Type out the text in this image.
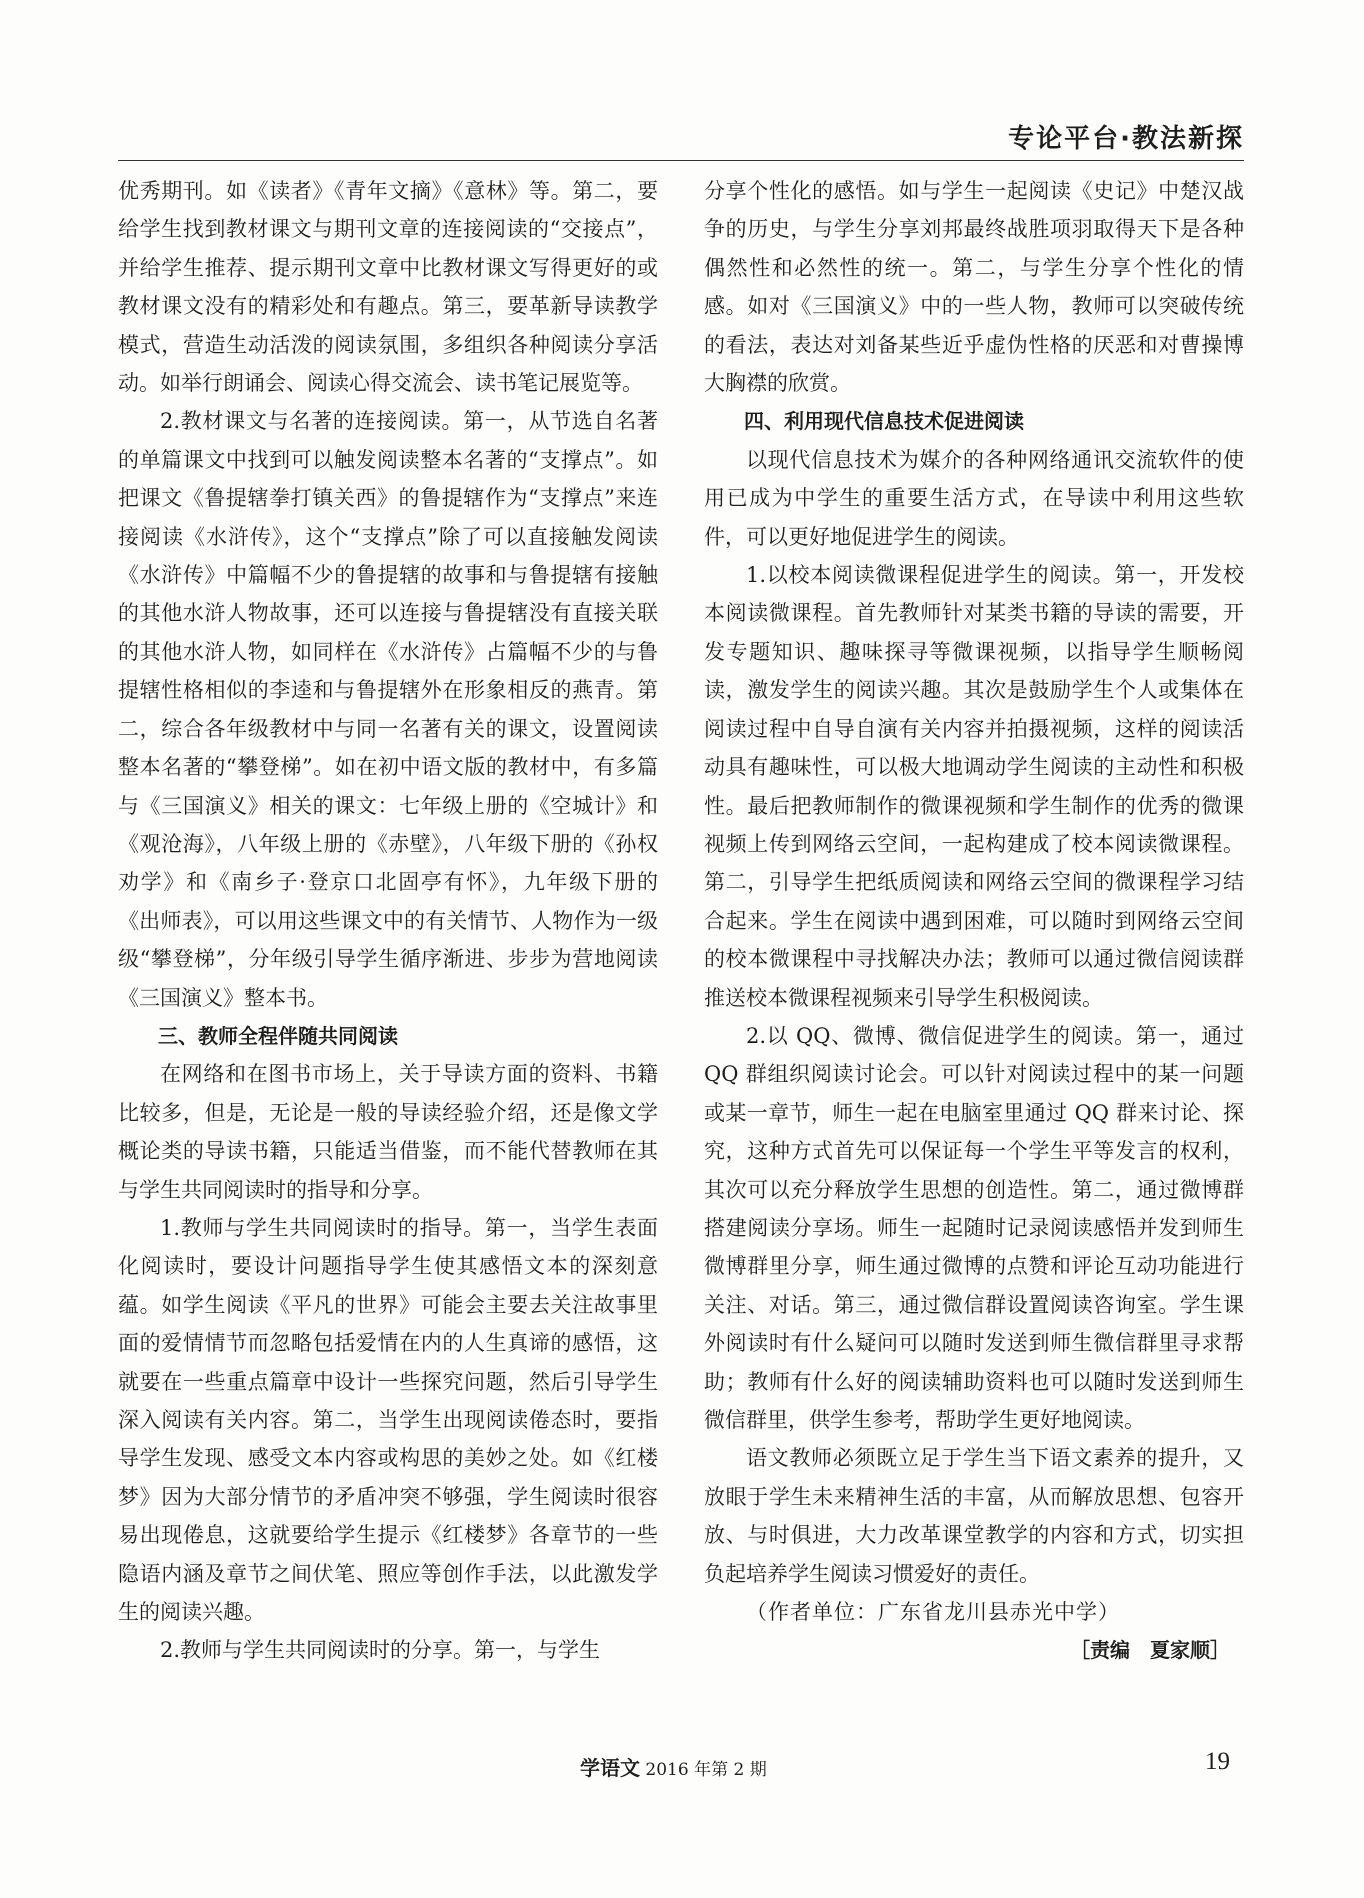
专论平台·教法新探

优秀期刊。如《读者》《青年文摘》《意林》等。第二，要给学生找到教材课文与期刊文章的连接阅读的“交接点”，并给学生推荐、提示期刊文章中比教材课文写得更好的或教材课文没有的精彩处和有趣点。第三，要革新导读教学模式，营造生动活泼的阅读氛围，多组织各种阅读分享活动。如举行朗诵会、阅读心得交流会、读书笔记展览等。

2.教材课文与名著的连接阅读。第一，从节选自名著的单篇课文中找到可以触发阅读整本名著的“支撑点”。如把课文《鲁提辖拳打镇关西》的鲁提辖作为“支撑点”来连接阅读《水浒传》，这个“支撑点”除了可以直接触发阅读《水浒传》中篇幅不少的鲁提辖的故事和与鲁提辖有接触的其他水浒人物故事，还可以连接与鲁提辖没有直接关联的其他水浒人物，如同样在《水浒传》占篇幅不少的与鲁提辖性格相似的李逵和与鲁提辖外在形象相反的燕青。第二，综合各年级教材中与同一名著有关的课文，设置阅读整本名著的“攀登梯”。如在初中语文版的教材中，有多篇与《三国演义》相关的课文：七年级上册的《空城计》和《观沧海》，八年级上册的《赤壁》，八年级下册的《孙权劝学》和《南乡子·登京口北固亭有怀》，九年级下册的《出师表》，可以用这些课文中的有关情节、人物作为一级级“攀登梯”，分年级引导学生循序渐进、步步为营地阅读《三国演义》整本书。

三、教师全程伴随共同阅读

在网络和在图书市场上，关于导读方面的资料、书籍比较多，但是，无论是一般的导读经验介绍，还是像文学概论类的导读书籍，只能适当借鉴，而不能代替教师在其与学生共同阅读时的指导和分享。

1.教师与学生共同阅读时的指导。第一，当学生表面化阅读时，要设计问题指导学生使其感悟文本的深刻意蕴。如学生阅读《平凡的世界》可能会主要去关注故事里面的爱情情节而忽略包括爱情在内的人生真谛的感悟，这就要在一些重点篇章中设计一些探究问题，然后引导学生深入阅读有关内容。第二，当学生出现阅读倦态时，要指导学生发现、感受文本内容或构思的美妙之处。如《红楼梦》因为大部分情节的矛盾冲突不够强，学生阅读时很容易出现倦息，这就要给学生提示《红楼梦》各章节的一些隐语内涵及章节之间伏笔、照应等创作手法，以此激发学生的阅读兴趣。

2.教师与学生共同阅读时的分享。第一，与学生

分享个性化的感悟。如与学生一起阅读《史记》中楚汉战争的历史，与学生分享刘邦最终战胜项羽取得天下是各种偶然性和必然性的统一。第二，与学生分享个性化的情感。如对《三国演义》中的一些人物，教师可以突破传统的看法，表达对刘备某些近乎虚伪性格的厌恶和对曹操博大胸襟的欣赏。

四、利用现代信息技术促进阅读

以现代信息技术为媒介的各种网络通讯交流软件的使用已成为中学生的重要生活方式，在导读中利用这些软件，可以更好地促进学生的阅读。

1.以校本阅读微课程促进学生的阅读。第一，开发校本阅读微课程。首先教师针对某类书籍的导读的需要，开发专题知识、趣味探寻等微课视频，以指导学生顺畅阅读，激发学生的阅读兴趣。其次是鼓励学生个人或集体在阅读过程中自导自演有关内容并拍摄视频，这样的阅读活动具有趣味性，可以极大地调动学生阅读的主动性和积极性。最后把教师制作的微课视频和学生制作的优秀的微课视频上传到网络云空间，一起构建成了校本阅读微课程。第二，引导学生把纸质阅读和网络云空间的微课程学习结合起来。学生在阅读中遇到困难，可以随时到网络云空间的校本微课程中寻找解决办法；教师可以通过微信阅读群推送校本微课程视频来引导学生积极阅读。

2.以 QQ、微博、微信促进学生的阅读。第一，通过 QQ 群组织阅读讨论会。可以针对阅读过程中的某一问题或某一章节，师生一起在电脑室里通过 QQ 群来讨论、探究，这种方式首先可以保证每一个学生平等发言的权利，其次可以充分释放学生思想的创造性。第二，通过微博群搭建阅读分享场。师生一起随时记录阅读感悟并发到师生微博群里分享，师生通过微博的点赞和评论互动功能进行关注、对话。第三，通过微信群设置阅读咨询室。学生课外阅读时有什么疑问可以随时发送到师生微信群里寻求帮助；教师有什么好的阅读辅助资料也可以随时发送到师生微信群里，供学生参考，帮助学生更好地阅读。

语文教师必须既立足于学生当下语文素养的提升，又放眼于学生未来精神生活的丰富，从而解放思想、包容开放、与时俱进，大力改革课堂教学的内容和方式，切实担负起培养学生阅读习惯爱好的责任。

（作者单位：广东省龙川县赤光中学）

［责编　夏家顺］

学语文 2016 年第 2 期	19
